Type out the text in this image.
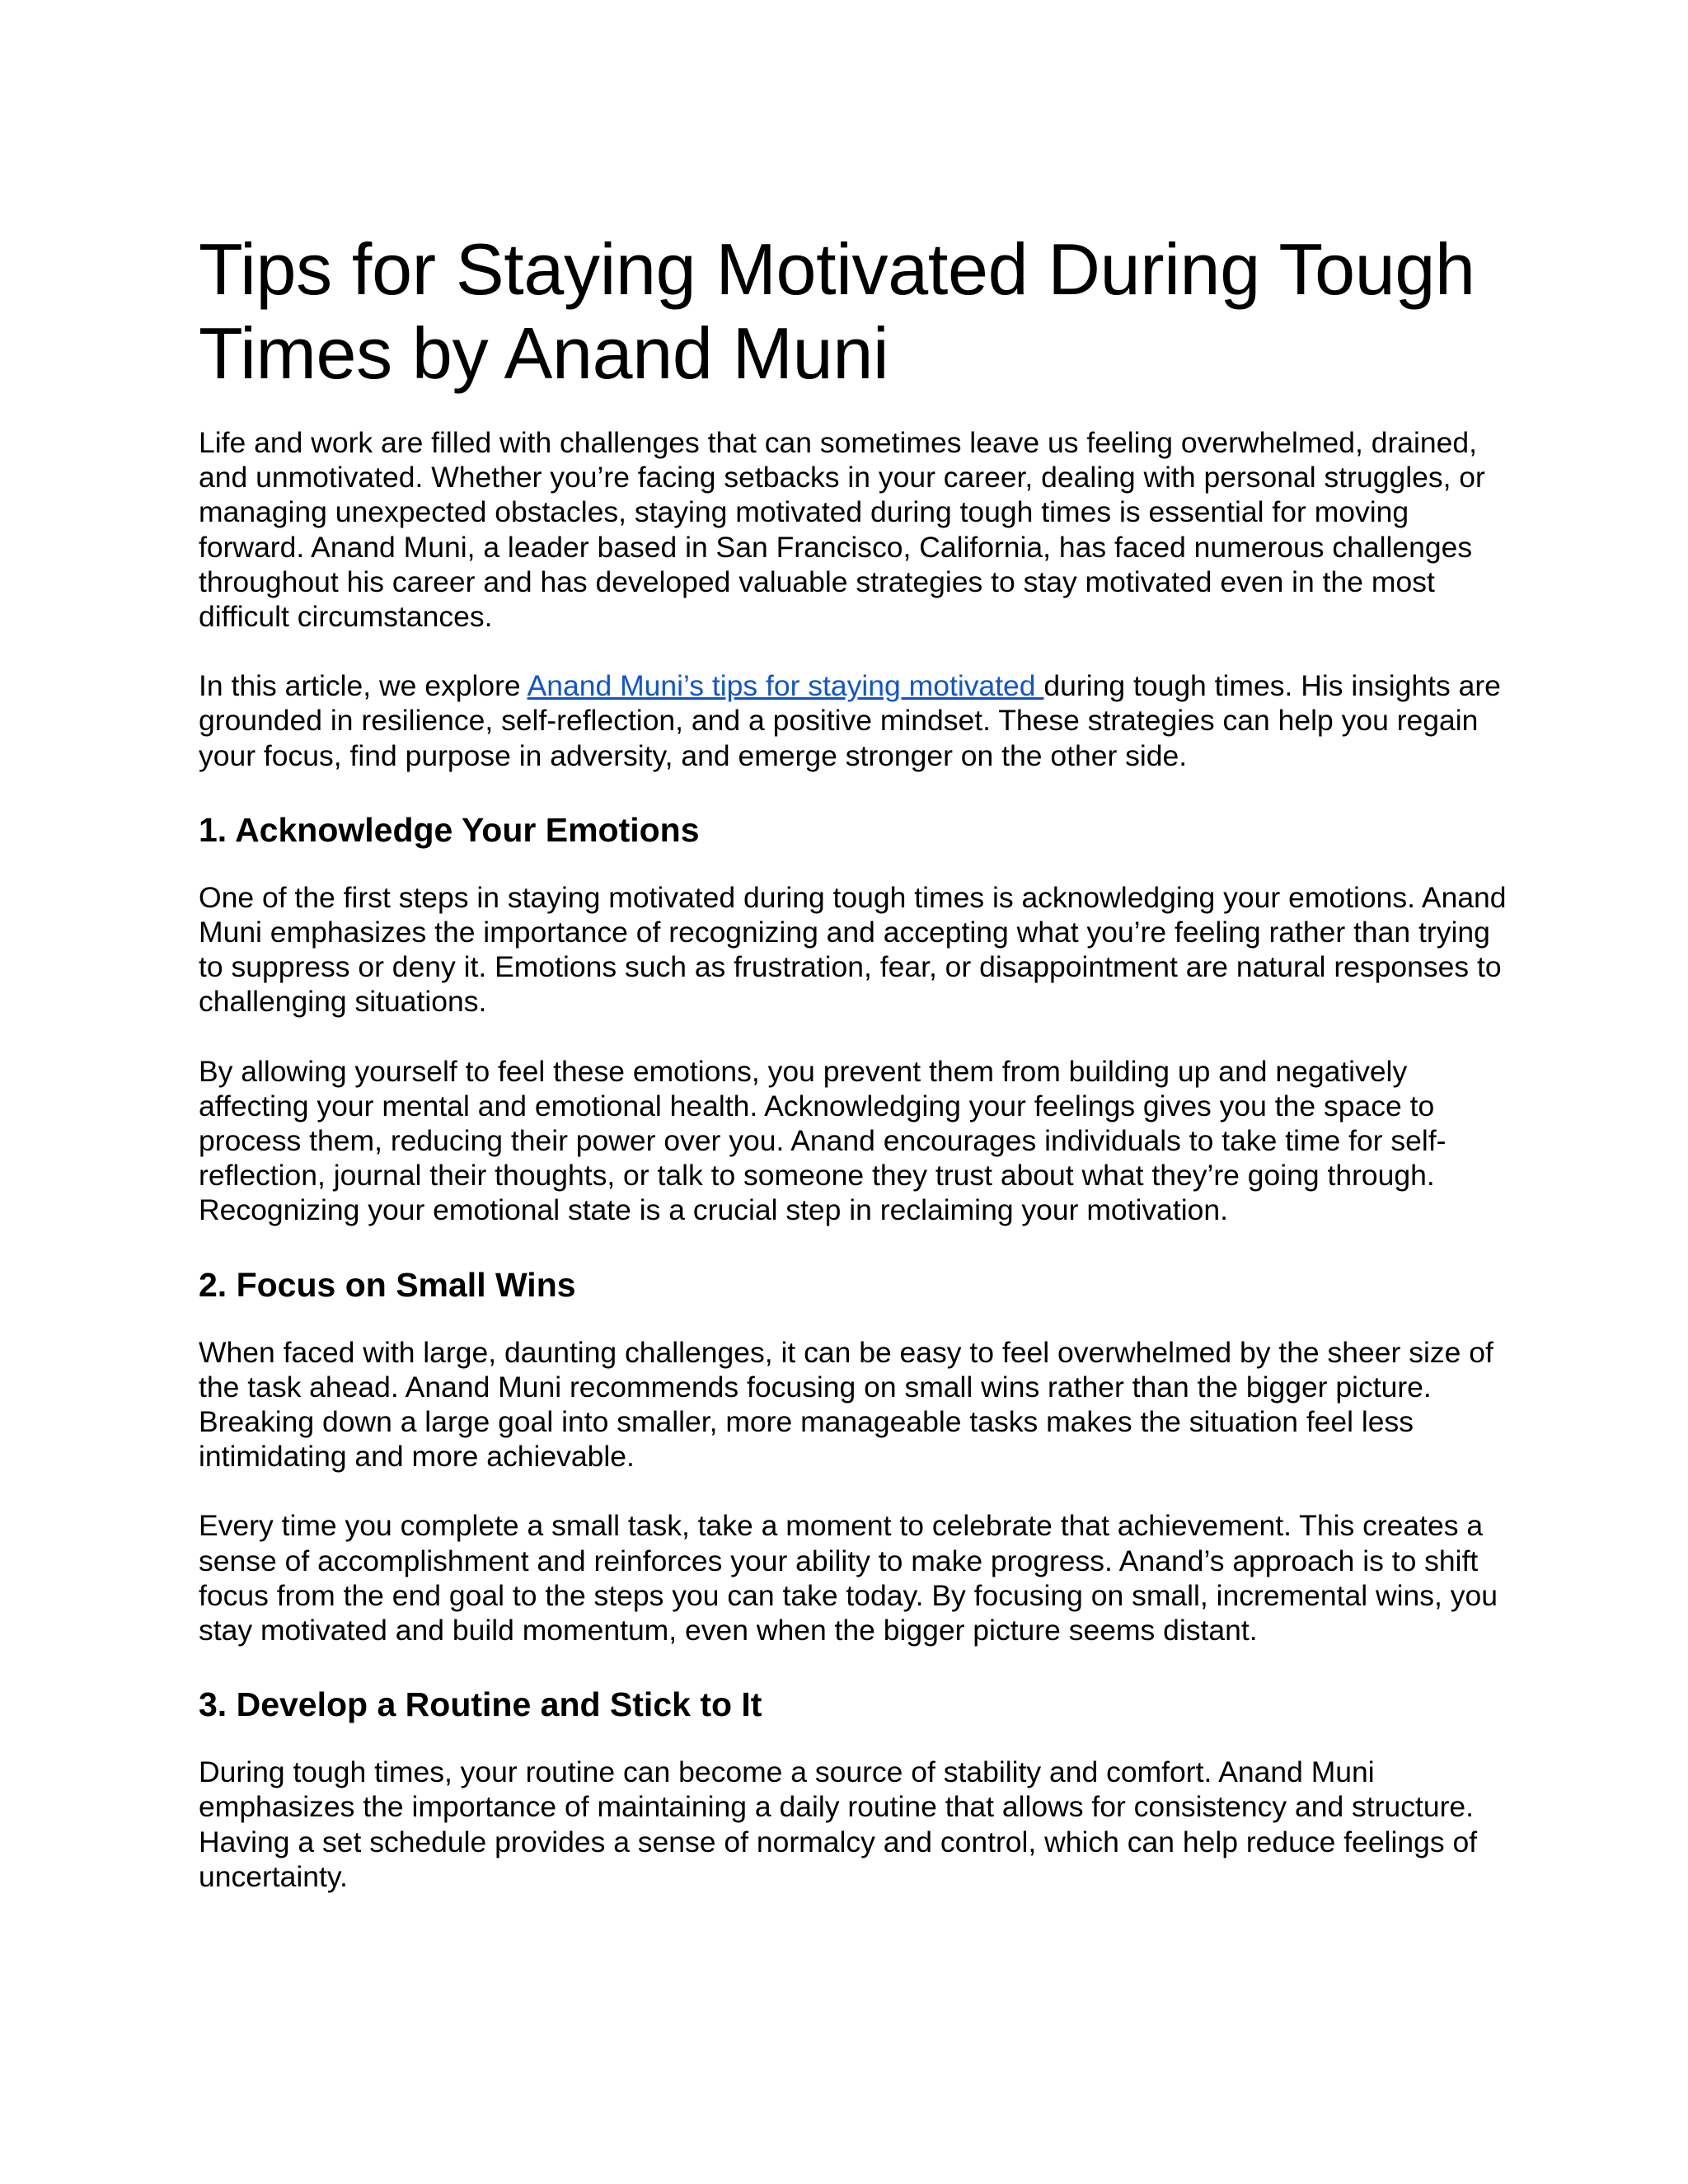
Tips for Staying Motivated During Tough Times by Anand Muni

Life and work are filled with challenges that can sometimes leave us feeling overwhelmed, drained, and unmotivated. Whether you’re facing setbacks in your career, dealing with personal struggles, or managing unexpected obstacles, staying motivated during tough times is essential for moving forward. Anand Muni, a leader based in San Francisco, California, has faced numerous challenges throughout his career and has developed valuable strategies to stay motivated even in the most difficult circumstances.

In this article, we explore Anand Muni’s tips for staying motivated during tough times. His insights are grounded in resilience, self-reflection, and a positive mindset. These strategies can help you regain your focus, find purpose in adversity, and emerge stronger on the other side.

1. Acknowledge Your Emotions

One of the first steps in staying motivated during tough times is acknowledging your emotions. Anand Muni emphasizes the importance of recognizing and accepting what you’re feeling rather than trying to suppress or deny it. Emotions such as frustration, fear, or disappointment are natural responses to challenging situations.

By allowing yourself to feel these emotions, you prevent them from building up and negatively affecting your mental and emotional health. Acknowledging your feelings gives you the space to process them, reducing their power over you. Anand encourages individuals to take time for self-reflection, journal their thoughts, or talk to someone they trust about what they’re going through. Recognizing your emotional state is a crucial step in reclaiming your motivation.

2. Focus on Small Wins

When faced with large, daunting challenges, it can be easy to feel overwhelmed by the sheer size of the task ahead. Anand Muni recommends focusing on small wins rather than the bigger picture. Breaking down a large goal into smaller, more manageable tasks makes the situation feel less intimidating and more achievable.

Every time you complete a small task, take a moment to celebrate that achievement. This creates a sense of accomplishment and reinforces your ability to make progress. Anand’s approach is to shift focus from the end goal to the steps you can take today. By focusing on small, incremental wins, you stay motivated and build momentum, even when the bigger picture seems distant.

3. Develop a Routine and Stick to It

During tough times, your routine can become a source of stability and comfort. Anand Muni emphasizes the importance of maintaining a daily routine that allows for consistency and structure. Having a set schedule provides a sense of normalcy and control, which can help reduce feelings of uncertainty.
